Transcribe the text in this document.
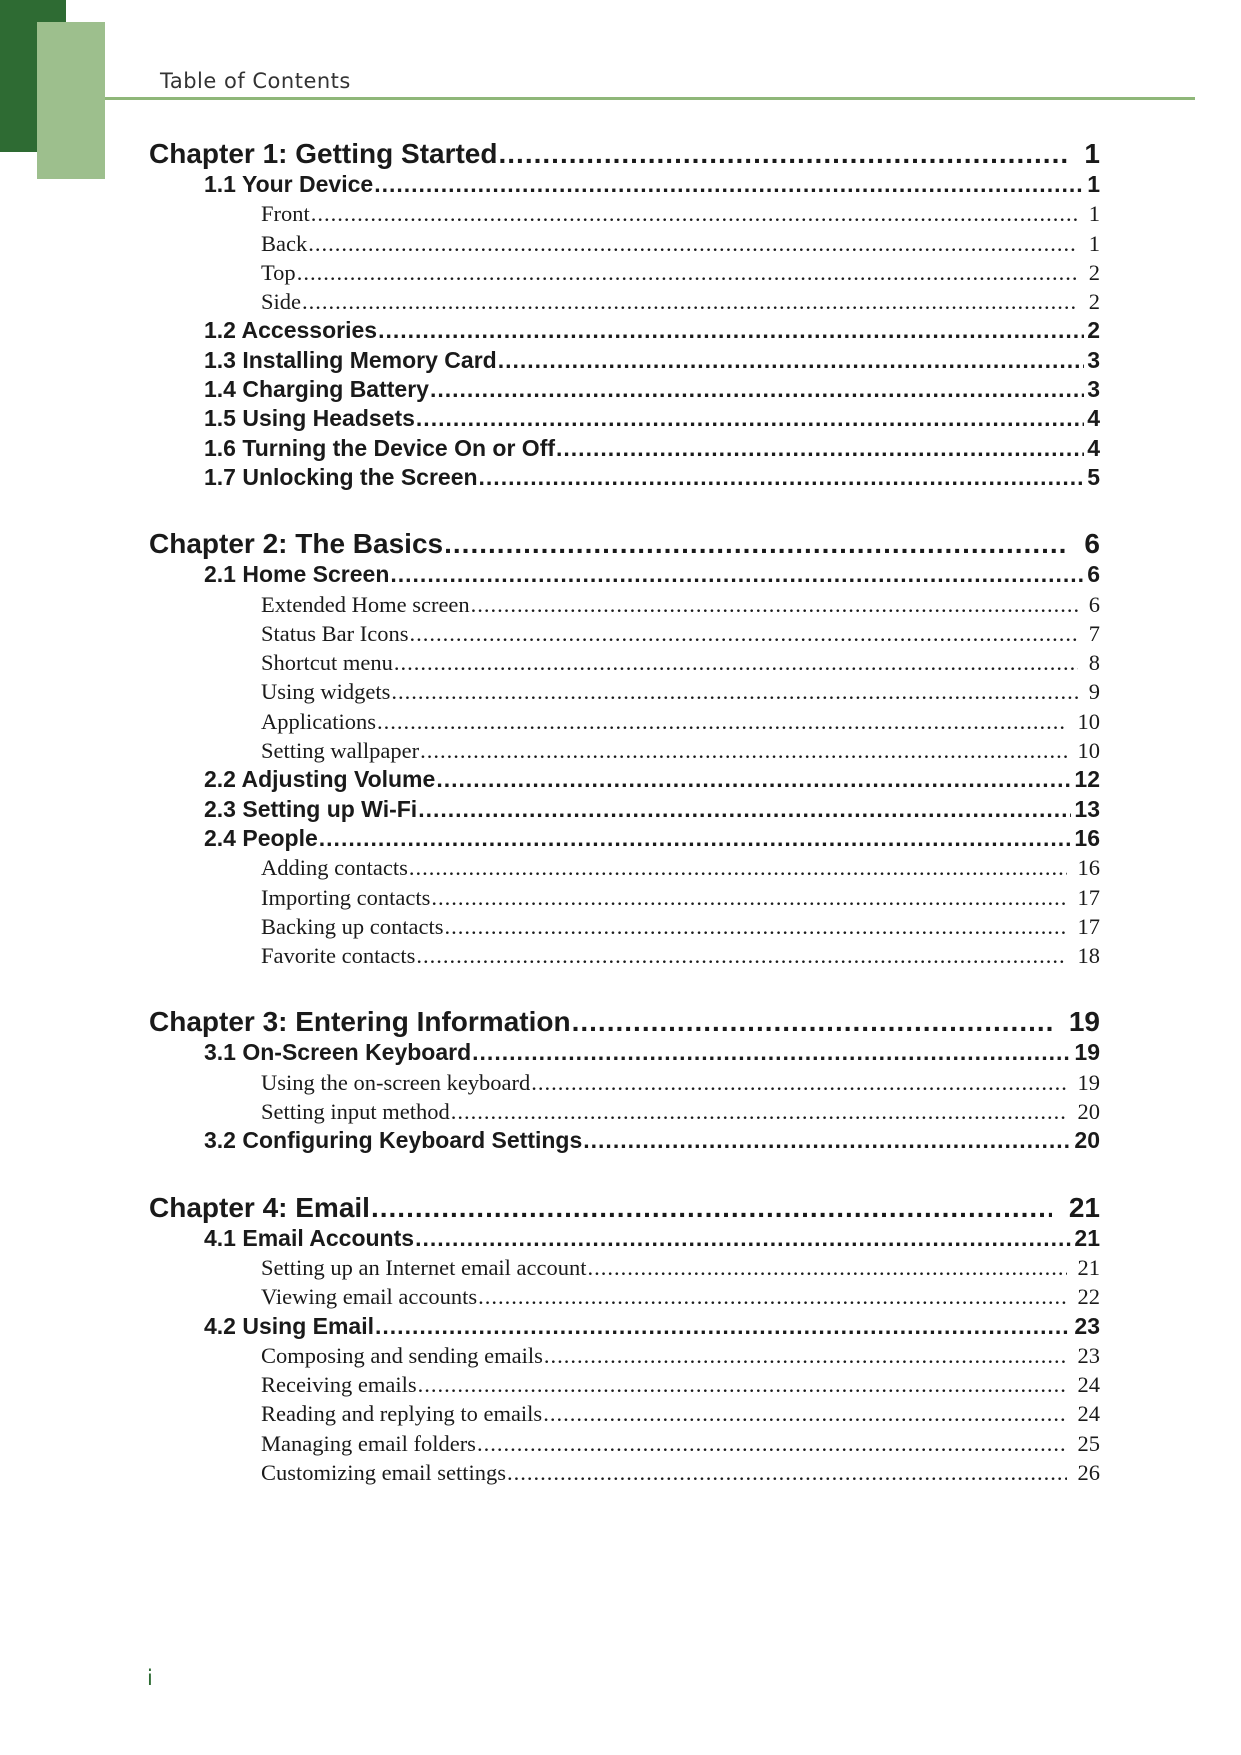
Table of Contents
Chapter 1: Getting Started .....	1
1.1 Your Device .....	1
Front .....	1
Back .....	1
Top .....	2
Side .....	2
1.2 Accessories .....	2
1.3 Installing Memory Card .....	3
1.4 Charging Battery .....	3
1.5 Using Headsets .....	4
1.6 Turning the Device On or Off .....	4
1.7 Unlocking the Screen .....	5
Chapter 2: The Basics .....	6
2.1 Home Screen .....	6
Extended Home screen .....	6
Status Bar Icons .....	7
Shortcut menu .....	8
Using widgets .....	9
Applications .....	10
Setting wallpaper .....	10
2.2 Adjusting Volume .....	12
2.3 Setting up Wi-Fi .....	13
2.4 People .....	16
Adding contacts .....	16
Importing contacts .....	17
Backing up contacts .....	17
Favorite contacts .....	18
Chapter 3: Entering Information .....	19
3.1 On-Screen Keyboard .....	19
Using the on-screen keyboard .....	19
Setting input method .....	20
3.2 Configuring Keyboard Settings .....	20
Chapter 4: Email .....	21
4.1 Email Accounts .....	21
Setting up an Internet email account .....	21
Viewing email accounts .....	22
4.2 Using Email .....	23
Composing and sending emails .....	23
Receiving emails .....	24
Reading and replying to emails .....	24
Managing email folders .....	25
Customizing email settings .....	26
i
